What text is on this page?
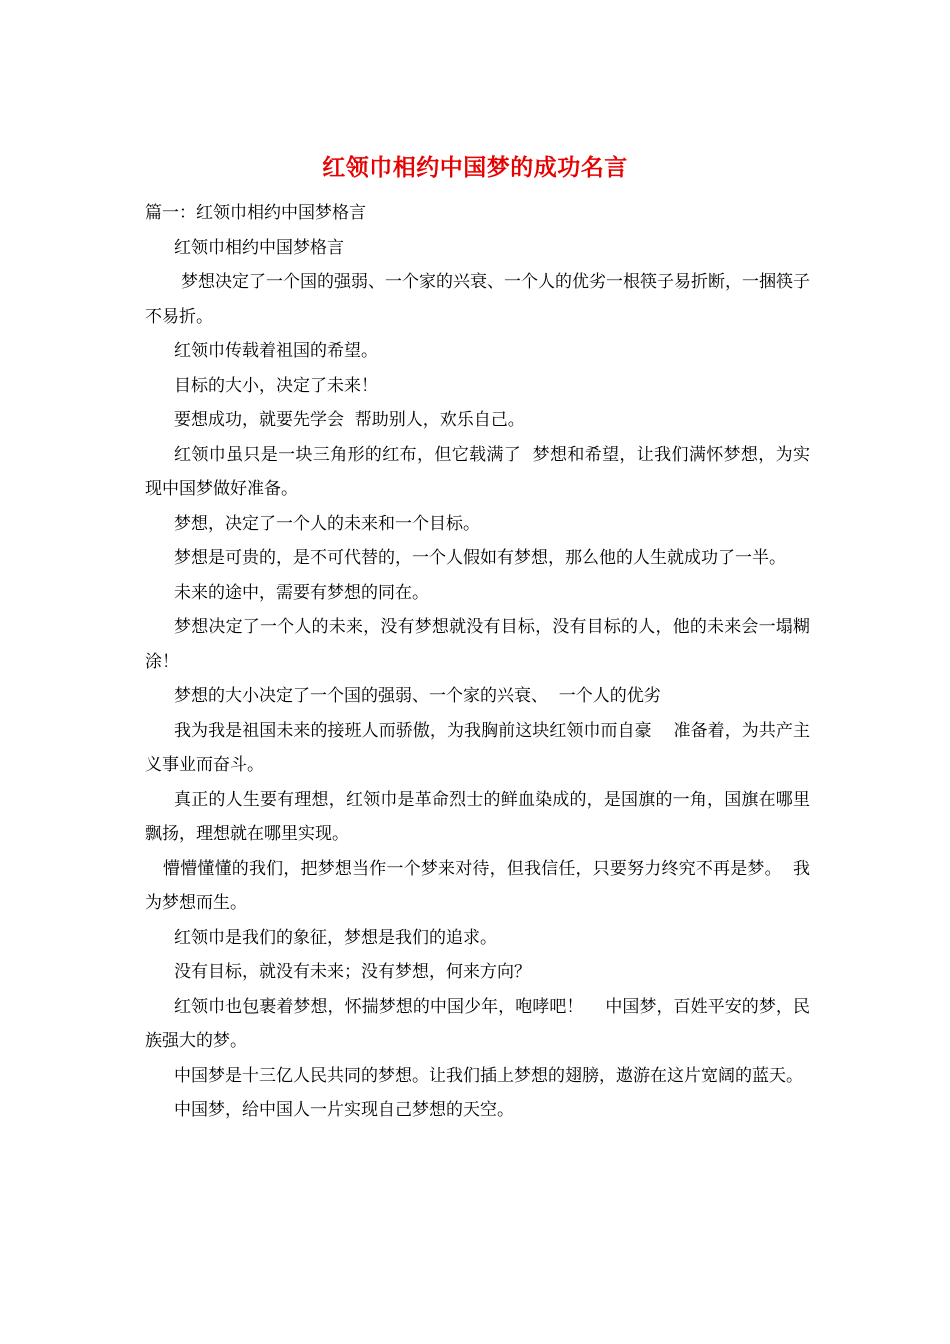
红领巾相约中国梦的成功名言

篇一：红领巾相约中国梦格言

红领巾相约中国梦格言

梦想决定了一个国的强弱、一个家的兴衰、一个人的优劣一根筷子易折断，一捆筷子不易折。

红领巾传载着祖国的希望。

目标的大小，决定了未来！

要想成功，就要先学会  帮助别人，欢乐自己。

红领巾虽只是一块三角形的红布，但它载满了  梦想和希望，让我们满怀梦想，为实现中国梦做好准备。

梦想，决定了一个人的未来和一个目标。

梦想是可贵的，是不可代替的，一个人假如有梦想，那么他的人生就成功了一半。

未来的途中，需要有梦想的同在。

梦想决定了一个人的未来，没有梦想就没有目标，没有目标的人，他的未来会一塌糊涂！

梦想的大小决定了一个国的强弱、一个家的兴衰、  一个人的优劣

我为我是祖国未来的接班人而骄傲，为我胸前这块红领巾而自豪    准备着，为共产主义事业而奋斗。

真正的人生要有理想，红领巾是革命烈士的鲜血染成的，是国旗的一角，国旗在哪里飘扬，理想就在哪里实现。

懵懵懂懂的我们，把梦想当作一个梦来对待，但我信任，只要努力终究不再是梦。  我为梦想而生。

红领巾是我们的象征，梦想是我们的追求。

没有目标，就没有未来；没有梦想，何来方向？

红领巾也包裹着梦想，怀揣梦想的中国少年，咆哮吧！    中国梦，百姓平安的梦，民族强大的梦。

中国梦是十三亿人民共同的梦想。让我们插上梦想的翅膀，遨游在这片宽阔的蓝天。

中国梦，给中国人一片实现自己梦想的天空。
